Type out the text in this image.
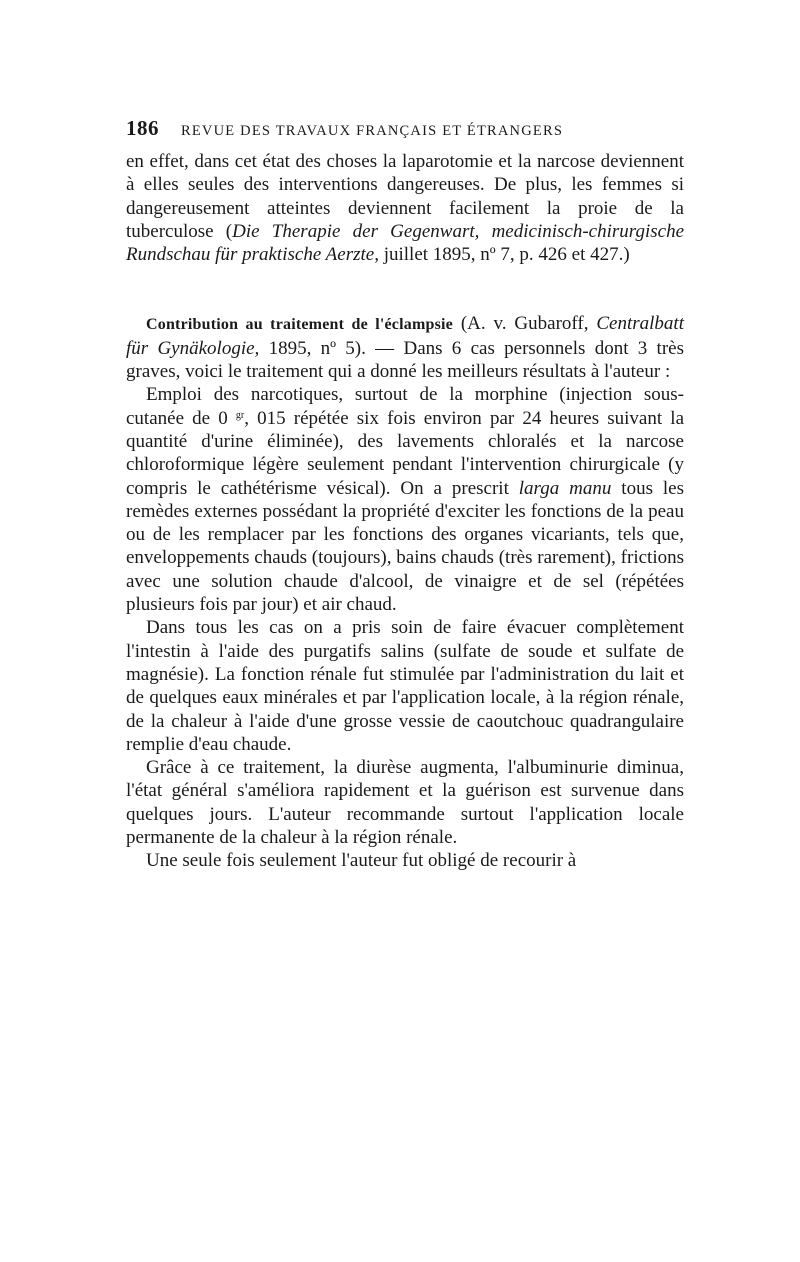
186 REVUE DES TRAVAUX FRANÇAIS ET ÉTRANGERS

en effet, dans cet état des choses la laparotomie et la narcose deviennent à elles seules des interventions dangereuses. De plus, les femmes si dangereusement atteintes deviennent facilement la proie de la tuberculose (Die Therapie der Gegenwart, medicinisch-chirurgische Rundschau für praktische Aerzte, juillet 1895, nº 7, p. 426 et 427.)

Contribution au traitement de l'éclampsie (A. v. Gubaroff, Centralbatt für Gynäkologie, 1895, nº 5). — Dans 6 cas personnels dont 3 très graves, voici le traitement qui a donné les meilleurs résultats à l'auteur :

Emploi des narcotiques, surtout de la morphine (injection sous-cutanée de 0 $^{gr}$, 015 répétée six fois environ par 24 heures suivant la quantité d'urine éliminée), des lavements chloralés et la narcose chloroformique légère seulement pendant l'intervention chirurgicale (y compris le cathétérisme vésical). On a prescrit larga manu tous les remèdes externes possédant la propriété d'exciter les fonctions de la peau ou de les remplacer par les fonctions des organes vicariants, tels que, enveloppements chauds (toujours), bains chauds (très rarement), frictions avec une solution chaude d'alcool, de vinaigre et de sel (répétées plusieurs fois par jour) et air chaud.

Dans tous les cas on a pris soin de faire évacuer complètement l'intestin à l'aide des purgatifs salins (sulfate de soude et sulfate de magnésie). La fonction rénale fut stimulée par l'administration du lait et de quelques eaux minérales et par l'application locale, à la région rénale, de la chaleur à l'aide d'une grosse vessie de caoutchouc quadrangulaire remplie d'eau chaude.

Grâce à ce traitement, la diurèse augmenta, l'albuminurie diminua, l'état général s'améliora rapidement et la guérison est survenue dans quelques jours. L'auteur recommande surtout l'application locale permanente de la chaleur à la région rénale.

Une seule fois seulement l'auteur fut obligé de recourir à
